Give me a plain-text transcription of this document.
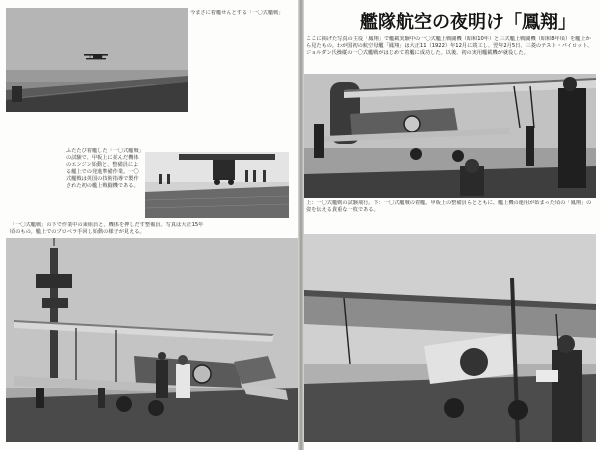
今まさに着艦せんとする「一〇式艦戦」
ふたたび着艦した「一〇式艦戦」の試験で、甲板上に並んだ機体のエンジン始動と、整備員による艦上での発進準備作業。一〇式艦戦は英国の技術指導で製作された初の艦上戦闘機である。
「一〇式艦戦」の下で作業中の乗組員と、機体を押しだす整備員。写真は大正15年頃のもの。艦上でのプロペラ手回し始動の様子が見える。
艦隊航空の夜明け「鳳翔」
ここに掲げた写真の主役「鳳翔」で艦載実験中の一〇式艦上戦闘機（昭和10年）と三式艦上戦闘機（昭和8年頃）を艦上から見たもの。わが国初の航空母艦「鳳翔」は大正11（1922）年12月に竣工し、翌年2月5日、三菱のテスト・パイロット、ジョルダン氏操縦の一〇式艦戦がはじめて着艦に成功した。以後、初の実用艦載機が就役した。
上：一〇式艦戦の試験飛行。下：一〇式艦戦の着艦。甲板上の整備員らとともに、艦上機の運用が始まった頃の「鳳翔」の姿を伝える貴重な一枚である。
